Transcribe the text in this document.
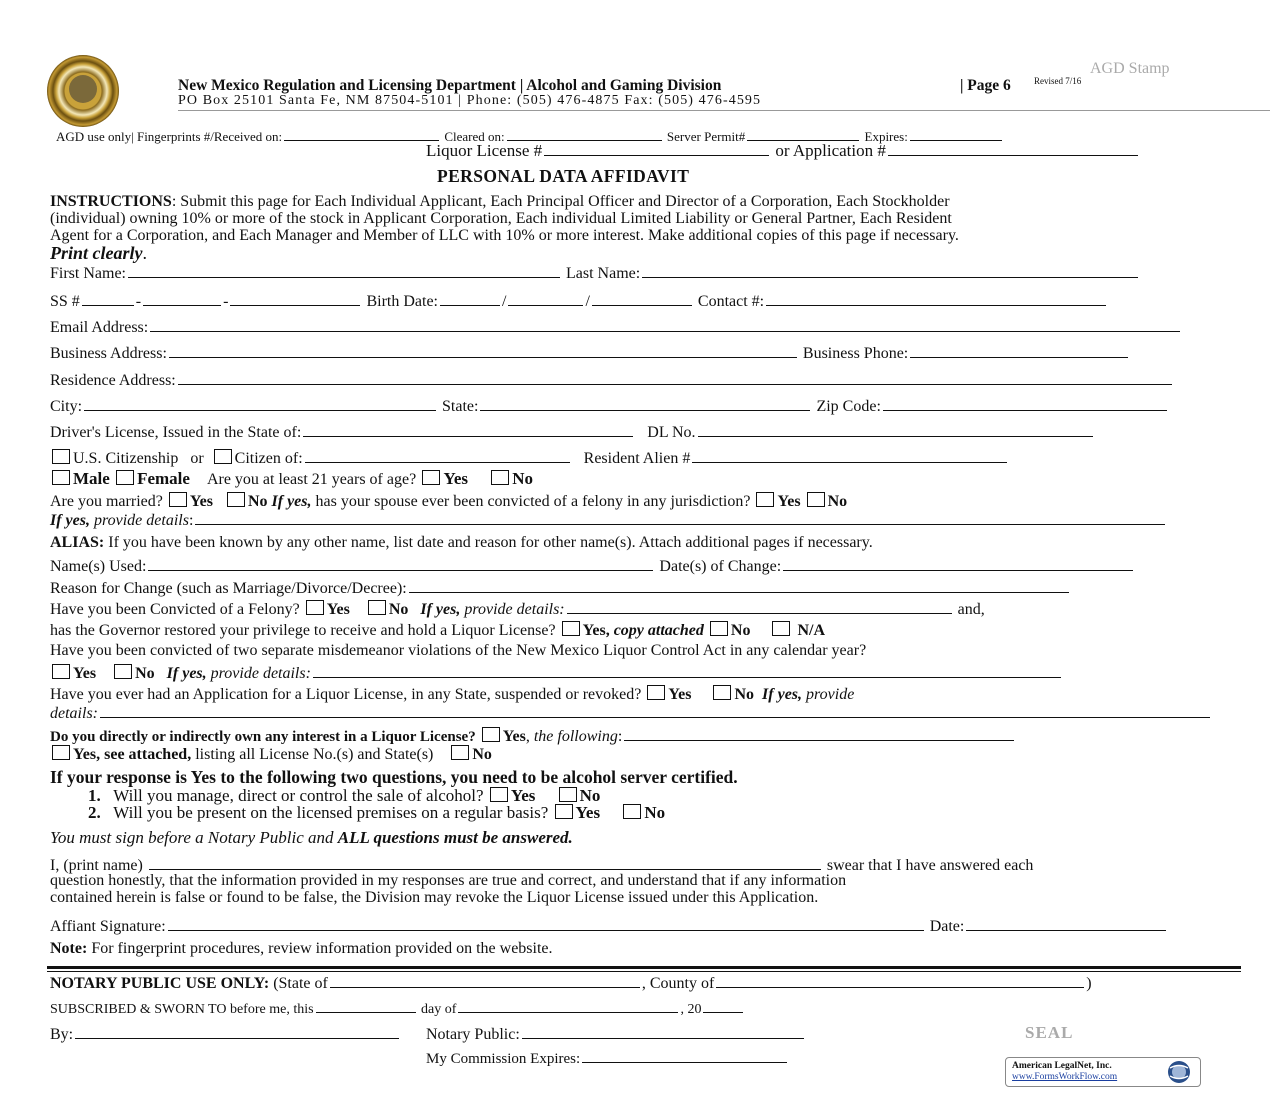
New Mexico Regulation and Licensing Department | Alcohol and Gaming Division	| Page 6	Revised 7/16
AGD Stamp
PO Box 25101 Santa Fe, NM 87504-5101 | Phone: (505) 476-4875 Fax: (505) 476-4595
AGD use only| Fingerprints #/Received on:	Cleared on:	Server Permit#	Expires:
Liquor License #	or Application #
PERSONAL DATA AFFIDAVIT
INSTRUCTIONS: Submit this page for Each Individual Applicant, Each Principal Officer and Director of a Corporation, Each Stockholder
(individual) owning 10% or more of the stock in Applicant Corporation, Each individual Limited Liability or General Partner, Each Resident
Agent for a Corporation, and Each Manager and Member of LLC with 10% or more interest. Make additional copies of this page if necessary.
Print clearly.
First Name:	Last Name:
SS #	-	-	Birth Date:	/	/	Contact #:
Email Address:
Business Address:	Business Phone:
Residence Address:
City:	State:	Zip Code:
Driver's License, Issued in the State of:	DL No.
U.S. Citizenship or Citizen of:	Resident Alien #
Male Female Are you at least 21 years of age? Yes	No
Are you married? Yes No If yes, has your spouse ever been convicted of a felony in any jurisdiction? Yes No
If yes, provide details:
ALIAS: If you have been known by any other name, list date and reason for other name(s). Attach additional pages if necessary.
Name(s) Used:	Date(s) of Change:
Reason for Change (such as Marriage/Divorce/Decree):
Have you been Convicted of a Felony? Yes No If yes, provide details:	and,
has the Governor restored your privilege to receive and hold a Liquor License? Yes, copy attached No	N/A
Have you been convicted of two separate misdemeanor violations of the New Mexico Liquor Control Act in any calendar year?
Yes No If yes, provide details:
Have you ever had an Application for a Liquor License, in any State, suspended or revoked? Yes	No If yes, provide
details:
Do you directly or indirectly own any interest in a Liquor License? Yes, the following:
Yes, see attached, listing all License No.(s) and State(s) No
If your response is Yes to the following two questions, you need to be alcohol server certified.
1. Will you manage, direct or control the sale of alcohol? Yes	No
2. Will you be present on the licensed premises on a regular basis? Yes	No
You must sign before a Notary Public and ALL questions must be answered.
I, (print name)	swear that I have answered each
question honestly, that the information provided in my responses are true and correct, and understand that if any information
contained herein is false or found to be false, the Division may revoke the Liquor License issued under this Application.
Affiant Signature:	Date:
Note: For fingerprint procedures, review information provided on the website.
NOTARY PUBLIC USE ONLY: (State of	, County of	)
SUBSCRIBED & SWORN TO before me, this	day of	, 20
By:	Notary Public:	SEAL
My Commission Expires:	American LegalNet, Inc.
www.FormsWorkFlow.com
